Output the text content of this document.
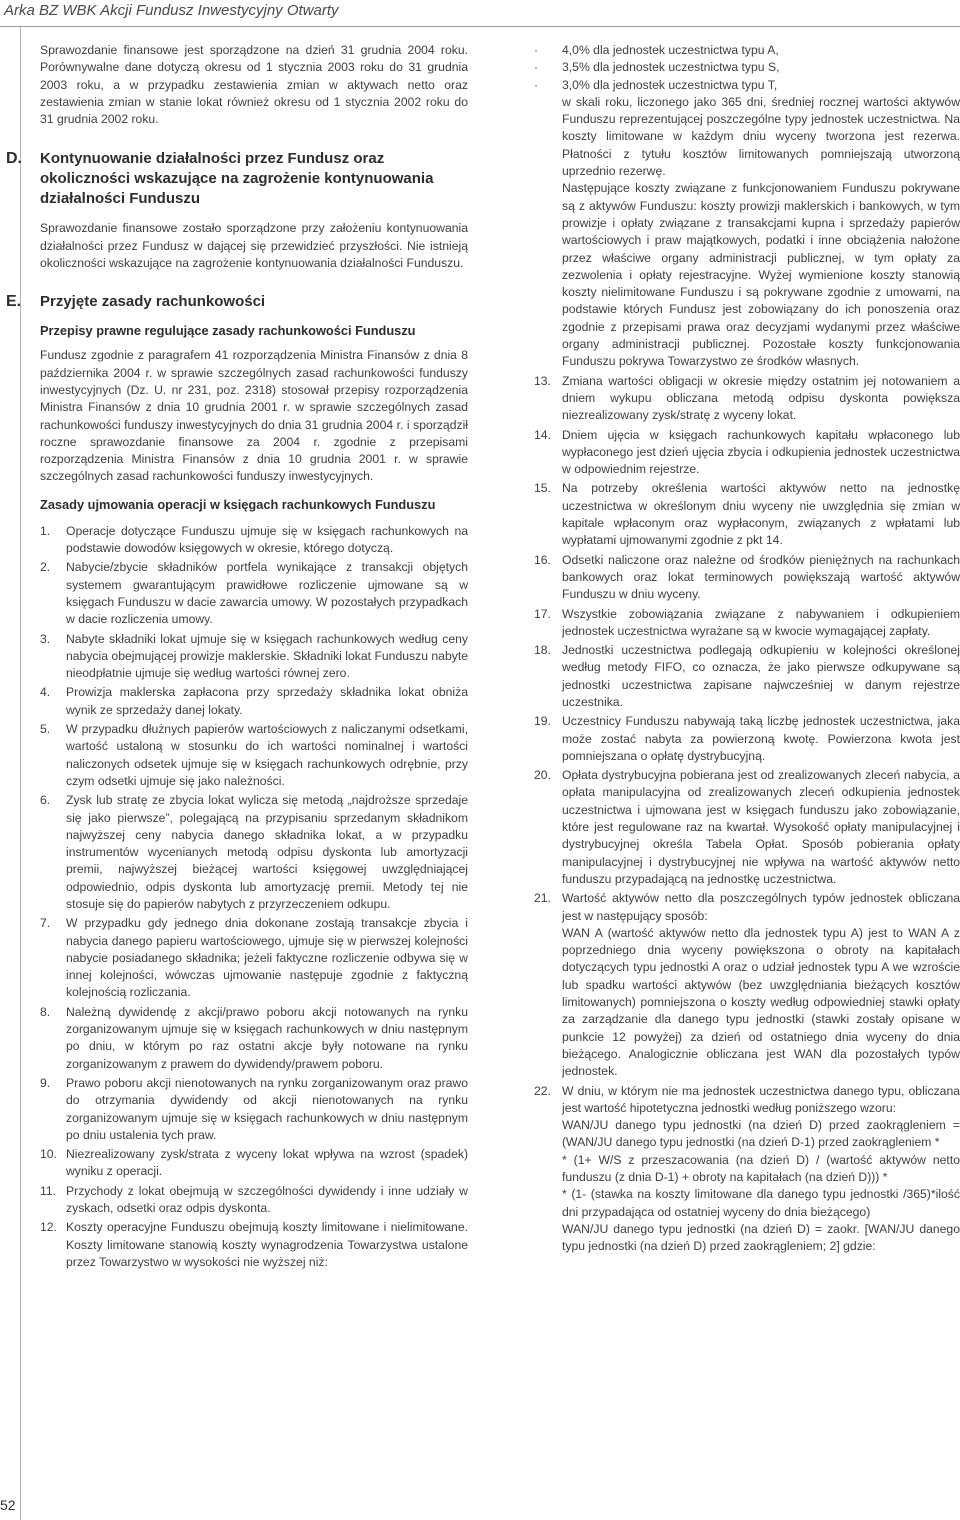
Arka BZ WBK Akcji Fundusz Inwestycyjny Otwarty
52

Sprawozdanie finansowe jest sporządzone na dzień 31 grudnia 2004 roku. Porównywalne dane dotyczą okresu od 1 stycznia 2003 roku do 31 grudnia 2003 roku, a w przypadku zestawienia zmian w aktywach netto oraz zestawienia zmian w stanie lokat również okresu od 1 stycznia 2002 roku do 31 grudnia 2002 roku.

D. Kontynuowanie działalności przez Fundusz oraz okoliczności wskazujące na zagrożenie kontynuowania działalności Funduszu

Sprawozdanie finansowe zostało sporządzone przy założeniu kontynuowania działalności przez Fundusz w dającej się przewidzieć przyszłości. Nie istnieją okoliczności wskazujące na zagrożenie kontynuowania działalności Funduszu.

E. Przyjęte zasady rachunkowości
Przepisy prawne regulujące zasady rachunkowości Funduszu

Fundusz zgodnie z paragrafem 41 rozporządzenia Ministra Finansów z dnia 8 października 2004 r. w sprawie szczególnych zasad rachunkowości funduszy inwestycyjnych (Dz. U. nr 231, poz. 2318) stosował przepisy rozporządzenia Ministra Finansów z dnia 10 grudnia 2001 r. w sprawie szczególnych zasad rachunkowości funduszy inwestycyjnych do dnia 31 grudnia 2004 r. i sporządził roczne sprawozdanie finansowe za 2004 r. zgodnie z przepisami rozporządzenia Ministra Finansów z dnia 10 grudnia 2001 r. w sprawie szczególnych zasad rachunkowości funduszy inwestycyjnych.

Zasady ujmowania operacji w księgach rachunkowych Funduszu
1.	Operacje dotyczące Funduszu ujmuje się w księgach rachunkowych na podstawie dowodów księgowych w okresie, którego dotyczą.
2.	Nabycie/zbycie składników portfela wynikające z transakcji objętych systemem gwarantującym prawidłowe rozliczenie ujmowane są w księgach Funduszu w dacie zawarcia umowy. W pozostałych przypadkach w dacie rozliczenia umowy.
3.	Nabyte składniki lokat ujmuje się w księgach rachunkowych według ceny nabycia obejmującej prowizje maklerskie. Składniki lokat Funduszu nabyte nieodpłatnie ujmuje się według wartości równej zero.
4.	Prowizja maklerska zapłacona przy sprzedaży składnika lokat obniża wynik ze sprzedaży danej lokaty.
5.	W przypadku dłużnych papierów wartościowych z naliczanymi odsetkami, wartość ustaloną w stosunku do ich wartości nominalnej i wartości naliczonych odsetek ujmuje się w księgach rachunkowych odrębnie, przy czym odsetki ujmuje się jako należności.
6.	Zysk lub stratę ze zbycia lokat wylicza się metodą „najdroższe sprzedaje się jako pierwsze”, polegającą na przypisaniu sprzedanym składnikom najwyższej ceny nabycia danego składnika lokat, a w przypadku instrumentów wycenianych metodą odpisu dyskonta lub amortyzacji premii, najwyższej bieżącej wartości księgowej uwzględniającej odpowiednio, odpis dyskonta lub amortyzację premii. Metody tej nie stosuje się do papierów nabytych z przyrzeczeniem odkupu.
7.	W przypadku gdy jednego dnia dokonane zostają transakcje zbycia i nabycia danego papieru wartościowego, ujmuje się w pierwszej kolejności nabycie posiadanego składnika; jeżeli faktyczne rozliczenie odbywa się w innej kolejności, wówczas ujmowanie następuje zgodnie z faktyczną kolejnością rozliczania.
8.	Należną dywidendę z akcji/prawo poboru akcji notowanych na rynku zorganizowanym ujmuje się w księgach rachunkowych w dniu następnym po dniu, w którym po raz ostatni akcje były notowane na rynku zorganizowanym z prawem do dywidendy/prawem poboru.
9.	Prawo poboru akcji nienotowanych na rynku zorganizowanym oraz prawo do otrzymania dywidendy od akcji nienotowanych na rynku zorganizowanym ujmuje się w księgach rachunkowych w dniu następnym po dniu ustalenia tych praw.
10. Niezrealizowany zysk/strata z wyceny lokat wpływa na wzrost (spadek) wyniku z operacji.
11. Przychody z lokat obejmują w szczególności dywidendy i inne udziały w zyskach, odsetki oraz odpis dyskonta.
12. Koszty operacyjne Funduszu obejmują koszty limitowane i nielimitowane. Koszty limitowane stanowią koszty wynagrodzenia Towarzystwa ustalone przez Towarzystwo w wysokości nie wyższej niż:
· 4,0% dla jednostek uczestnictwa typu A,
· 3,5% dla jednostek uczestnictwa typu S,
· 3,0% dla jednostek uczestnictwa typu T,

w skali roku, liczonego jako 365 dni, średniej rocznej wartości aktywów Funduszu reprezentującej poszczególne typy jednostek uczestnictwa. Na koszty limitowane w każdym dniu wyceny tworzona jest rezerwa. Płatności z tytułu kosztów limitowanych pomniejszają utworzoną uprzednio rezerwę.

Następujące koszty związane z funkcjonowaniem Funduszu pokrywane są z aktywów Funduszu: koszty prowizji maklerskich i bankowych, w tym prowizje i opłaty związane z transakcjami kupna i sprzedaży papierów wartościowych i praw majątkowych, podatki i inne obciążenia nałożone przez właściwe organy administracji publicznej, w tym opłaty za zezwolenia i opłaty rejestracyjne. Wyżej wymienione koszty stanowią koszty nielimitowane Funduszu i są pokrywane zgodnie z umowami, na podstawie których Fundusz jest zobowiązany do ich ponoszenia oraz zgodnie z przepisami prawa oraz decyzjami wydanymi przez właściwe organy administracji publicznej. Pozostałe koszty funkcjonowania Funduszu pokrywa Towarzystwo ze środków własnych.

13. Zmiana wartości obligacji w okresie między ostatnim jej notowaniem a dniem wykupu obliczana metodą odpisu dyskonta powiększa niezrealizowany zysk/stratę z wyceny lokat.
14. Dniem ujęcia w księgach rachunkowych kapitału wpłaconego lub wypłaconego jest dzień ujęcia zbycia i odkupienia jednostek uczestnictwa w odpowiednim rejestrze.
15. Na potrzeby określenia wartości aktywów netto na jednostkę uczestnictwa w określonym dniu wyceny nie uwzględnia się zmian w kapitale wpłaconym oraz wypłaconym, związanych z wpłatami lub wypłatami ujmowanymi zgodnie z pkt 14.
16. Odsetki naliczone oraz należne od środków pieniężnych na rachunkach bankowych oraz lokat terminowych powiększają wartość aktywów Funduszu w dniu wyceny.
17. Wszystkie zobowiązania związane z nabywaniem i odkupieniem jednostek uczestnictwa wyrażane są w kwocie wymagającej zapłaty.
18. Jednostki uczestnictwa podlegają odkupieniu w kolejności określonej według metody FIFO, co oznacza, że jako pierwsze odkupywane są jednostki uczestnictwa zapisane najwcześniej w danym rejestrze uczestnika.
19. Uczestnicy Funduszu nabywają taką liczbę jednostek uczestnictwa, jaka może zostać nabyta za powierzoną kwotę. Powierzona kwota jest pomniejszana o opłatę dystrybucyjną.
20. Opłata dystrybucyjna pobierana jest od zrealizowanych zleceń nabycia, a opłata manipulacyjna od zrealizowanych zleceń odkupienia jednostek uczestnictwa i ujmowana jest w księgach funduszu jako zobowiązanie, które jest regulowane raz na kwartał. Wysokość opłaty manipulacyjnej i dystrybucyjnej określa Tabela Opłat. Sposób pobierania opłaty manipulacyjnej i dystrybucyjnej nie wpływa na wartość aktywów netto funduszu przypadającą na jednostkę uczestnictwa.
21. Wartość aktywów netto dla poszczególnych typów jednostek obliczana jest w następujący sposób:

WAN A (wartość aktywów netto dla jednostek typu A) jest to WAN A z poprzedniego dnia wyceny powiększona o obroty na kapitałach dotyczących typu jednostki A oraz o udział jednostek typu A we wzroście lub spadku wartości aktywów (bez uwzględniania bieżących kosztów limitowanych) pomniejszona o koszty według odpowiedniej stawki opłaty za zarządzanie dla danego typu jednostki (stawki zostały opisane w punkcie 12 powyżej) za dzień od ostatniego dnia wyceny do dnia bieżącego. Analogicznie obliczana jest WAN dla pozostałych typów jednostek.

22. W dniu, w którym nie ma jednostek uczestnictwa danego typu, obliczana jest wartość hipotetyczna jednostki według poniższego wzoru:

WAN/JU danego typu jednostki (na dzień D) przed zaokrągleniem = (WAN/JU danego typu jednostki (na dzień D-1) przed zaokrągleniem *

* (1+ W/S z przeszacowania (na dzień D) / (wartość aktywów netto funduszu (z dnia D-1) + obroty na kapitałach (na dzień D))) *

* (1- (stawka na koszty limitowane dla danego typu jednostki /365)*ilość dni przypadająca od ostatniej wyceny do dnia bieżącego)

WAN/JU danego typu jednostki (na dzień D) = zaokr. [WAN/JU danego typu jednostki (na dzień D) przed zaokrągleniem; 2] gdzie:
